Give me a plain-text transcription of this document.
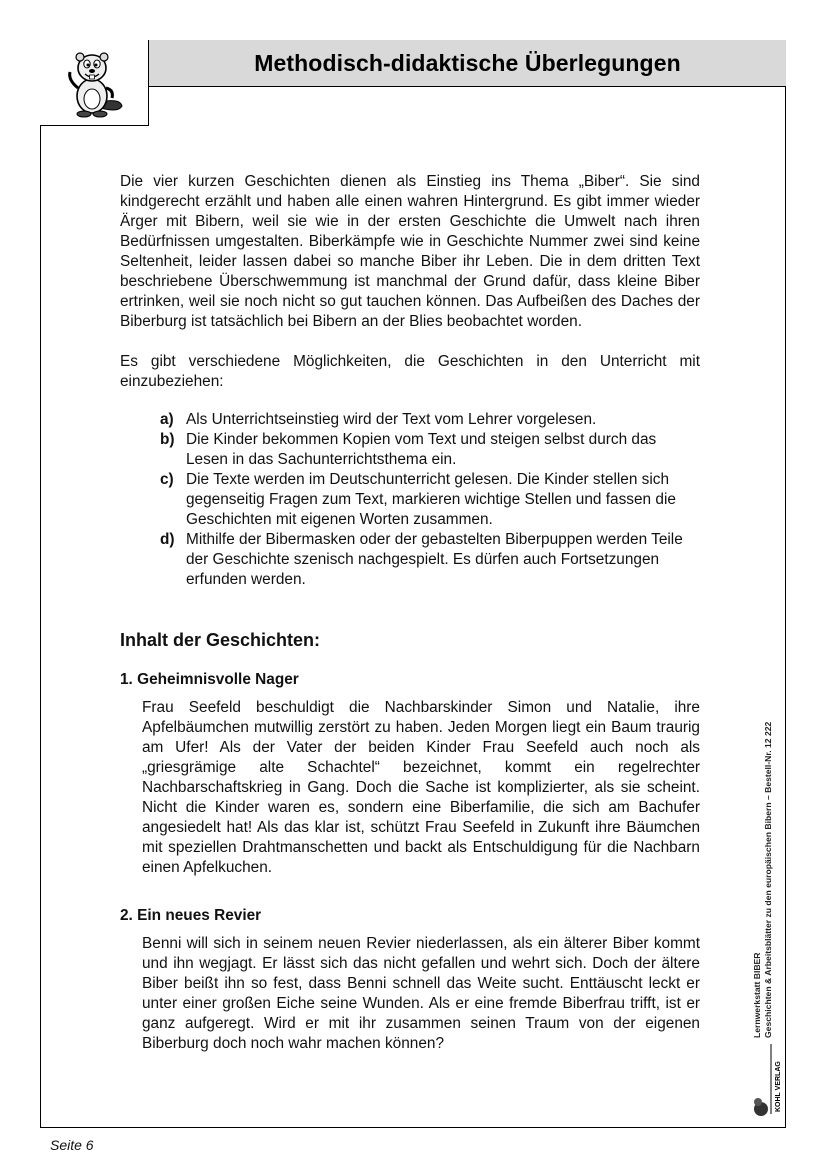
Methodisch-didaktische Überlegungen

Die vier kurzen Geschichten dienen als Einstieg ins Thema „Biber“. Sie sind kindgerecht erzählt und haben alle einen wahren Hintergrund. Es gibt immer wieder Ärger mit Bibern, weil sie wie in der ersten Geschichte die Umwelt nach ihren Bedürfnissen umgestalten. Biberkämpfe wie in Geschichte Nummer zwei sind keine Seltenheit, leider lassen dabei so manche Biber ihr Leben. Die in dem dritten Text beschriebene Überschwemmung ist manchmal der Grund dafür, dass kleine Biber ertrinken, weil sie noch nicht so gut tauchen können. Das Aufbeißen des Daches der Biberburg ist tatsächlich bei Bibern an der Blies beobachtet worden.

Es gibt verschiedene Möglichkeiten, die Geschichten in den Unterricht mit einzubeziehen:

a) Als Unterrichtseinstieg wird der Text vom Lehrer vorgelesen.
b) Die Kinder bekommen Kopien vom Text und steigen selbst durch das Lesen in das Sachunterrichtsthema ein.
c) Die Texte werden im Deutschunterricht gelesen. Die Kinder stellen sich gegenseitig Fragen zum Text, markieren wichtige Stellen und fassen die Geschichten mit eigenen Worten zusammen.
d) Mithilfe der Bibermasken oder der gebastelten Biberpuppen werden Teile der Geschichte szenisch nachgespielt. Es dürfen auch Fortsetzungen erfunden werden.
Inhalt der Geschichten:
1. Geheimnisvolle Nager

Frau Seefeld beschuldigt die Nachbarskinder Simon und Natalie, ihre Apfelbäumchen mutwillig zerstört zu haben. Jeden Morgen liegt ein Baum traurig am Ufer! Als der Vater der beiden Kinder Frau Seefeld auch noch als „griesgrämige alte Schachtel“ bezeichnet, kommt ein regelrechter Nachbarschaftskrieg in Gang. Doch die Sache ist komplizierter, als sie scheint. Nicht die Kinder waren es, sondern eine Biberfamilie, die sich am Bachufer angesiedelt hat! Als das klar ist, schützt Frau Seefeld in Zukunft ihre Bäumchen mit speziellen Drahtmanschetten und backt als Entschuldigung für die Nachbarn einen Apfelkuchen.

2. Ein neues Revier

Benni will sich in seinem neuen Revier niederlassen, als ein älterer Biber kommt und ihn wegjagt. Er lässt sich das nicht gefallen und wehrt sich. Doch der ältere Biber beißt ihn so fest, dass Benni schnell das Weite sucht. Enttäuscht leckt er unter einer großen Eiche seine Wunden. Als er eine fremde Biberfrau trifft, ist er ganz aufgeregt. Wird er mit ihr zusammen seinen Traum von der eigenen Biberburg doch noch wahr machen können?

Lernwerkstatt BIBER Geschichten & Arbeitsblätter zu den europäischen Bibern – Bestell-Nr. 12 222
KOHL VERLAG
Seite 6
